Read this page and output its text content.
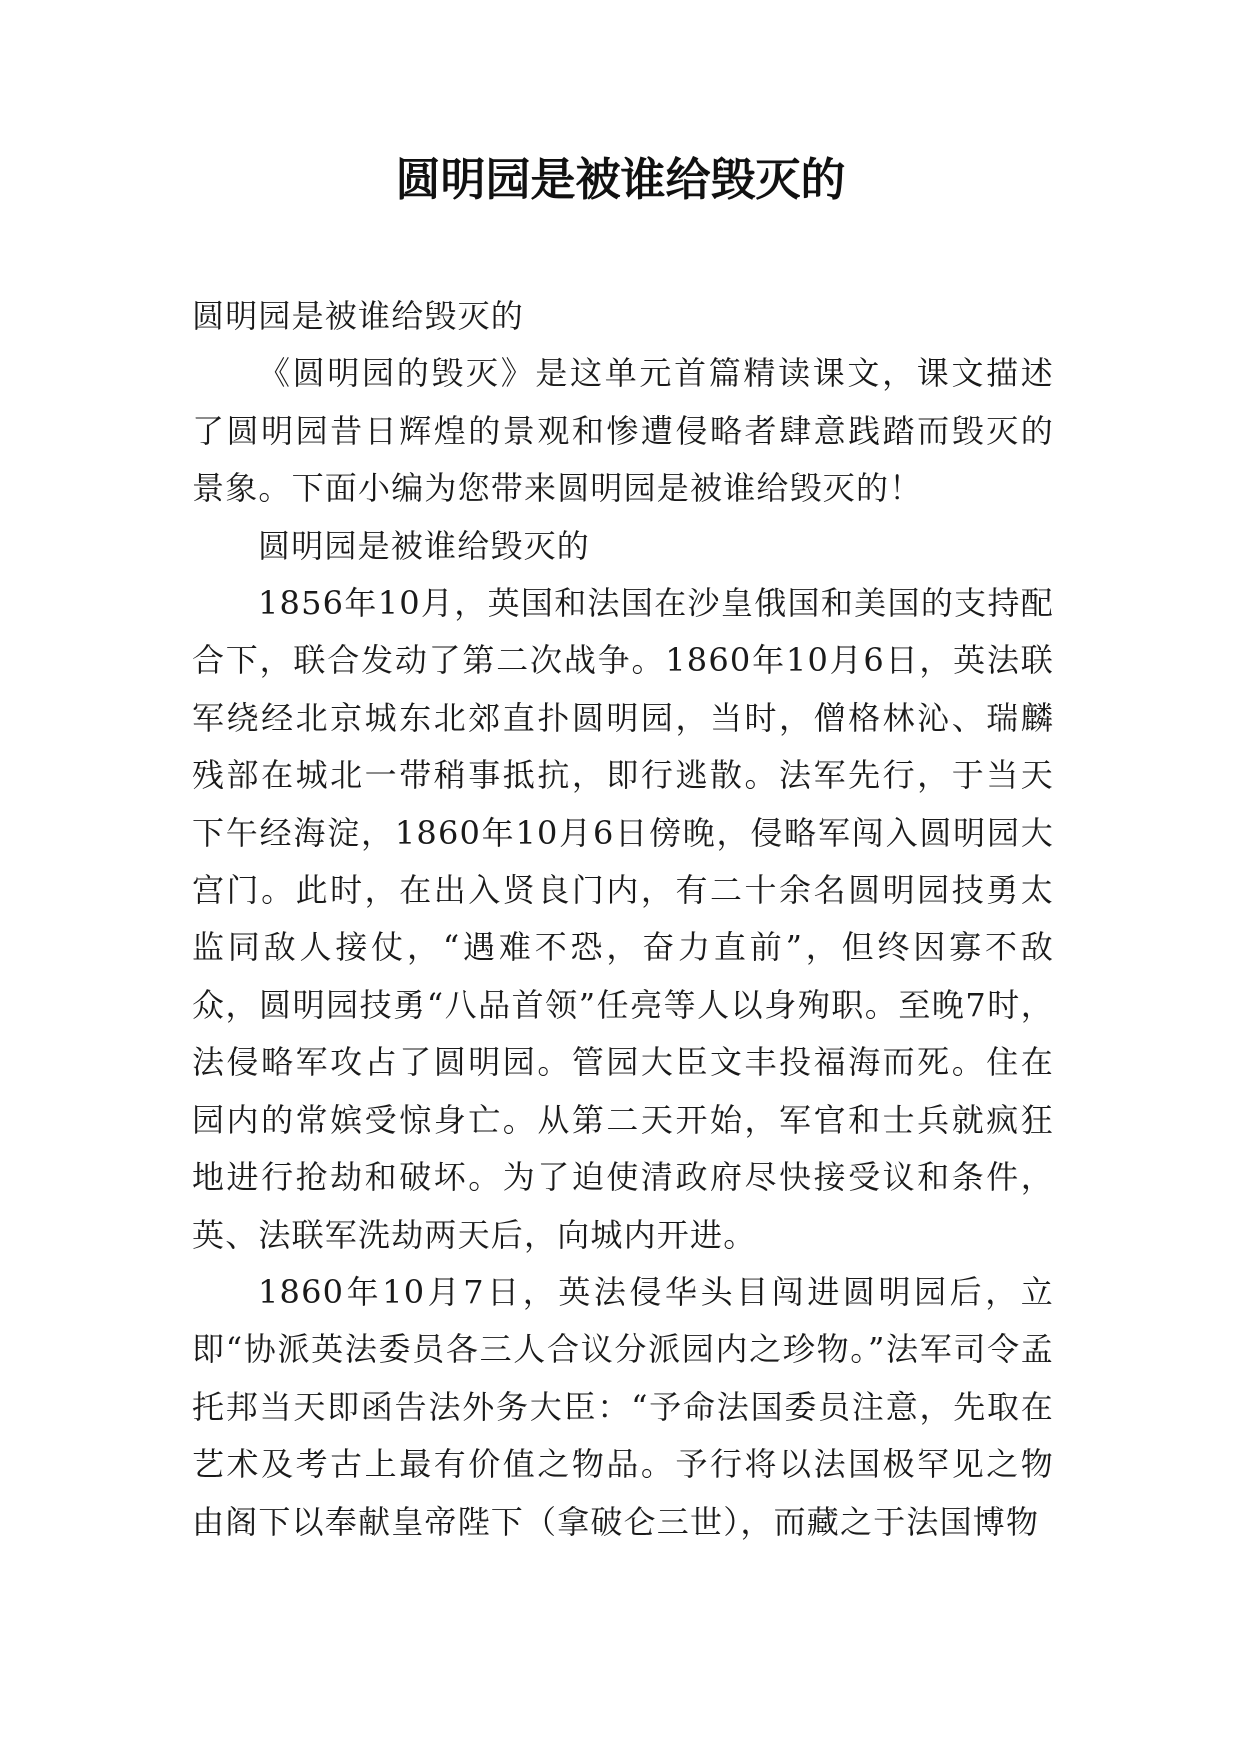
圆明园是被谁给毁灭的

圆明园是被谁给毁灭的

《圆明园的毁灭》是这单元首篇精读课文，课文描述了圆明园昔日辉煌的景观和惨遭侵略者肆意践踏而毁灭的景象。下面小编为您带来圆明园是被谁给毁灭的！

圆明园是被谁给毁灭的

1856年10月，英国和法国在沙皇俄国和美国的支持配合下，联合发动了第二次战争。1860年10月6日，英法联军绕经北京城东北郊直扑圆明园，当时，僧格林沁、瑞麟残部在城北一带稍事抵抗，即行逃散。法军先行，于当天下午经海淀，1860年10月6日傍晚，侵略军闯入圆明园大宫门。此时，在出入贤良门内，有二十余名圆明园技勇太监同敌人接仗，“遇难不恐，奋力直前”，但终因寡不敌众，圆明园技勇“八品首领”任亮等人以身殉职。至晚7时，法侵略军攻占了圆明园。管园大臣文丰投福海而死。住在园内的常嫔受惊身亡。从第二天开始，军官和士兵就疯狂地进行抢劫和破坏。为了迫使清政府尽快接受议和条件，英、法联军洗劫两天后，向城内开进。

1860年10月7日，英法侵华头目闯进圆明园后，立即“协派英法委员各三人合议分派园内之珍物。”法军司令孟托邦当天即函告法外务大臣：“予命法国委员注意，先取在艺术及考古上最有价值之物品。予行将以法国极罕见之物由阁下以奉献皇帝陛下（拿破仑三世），而藏之于法国博物
